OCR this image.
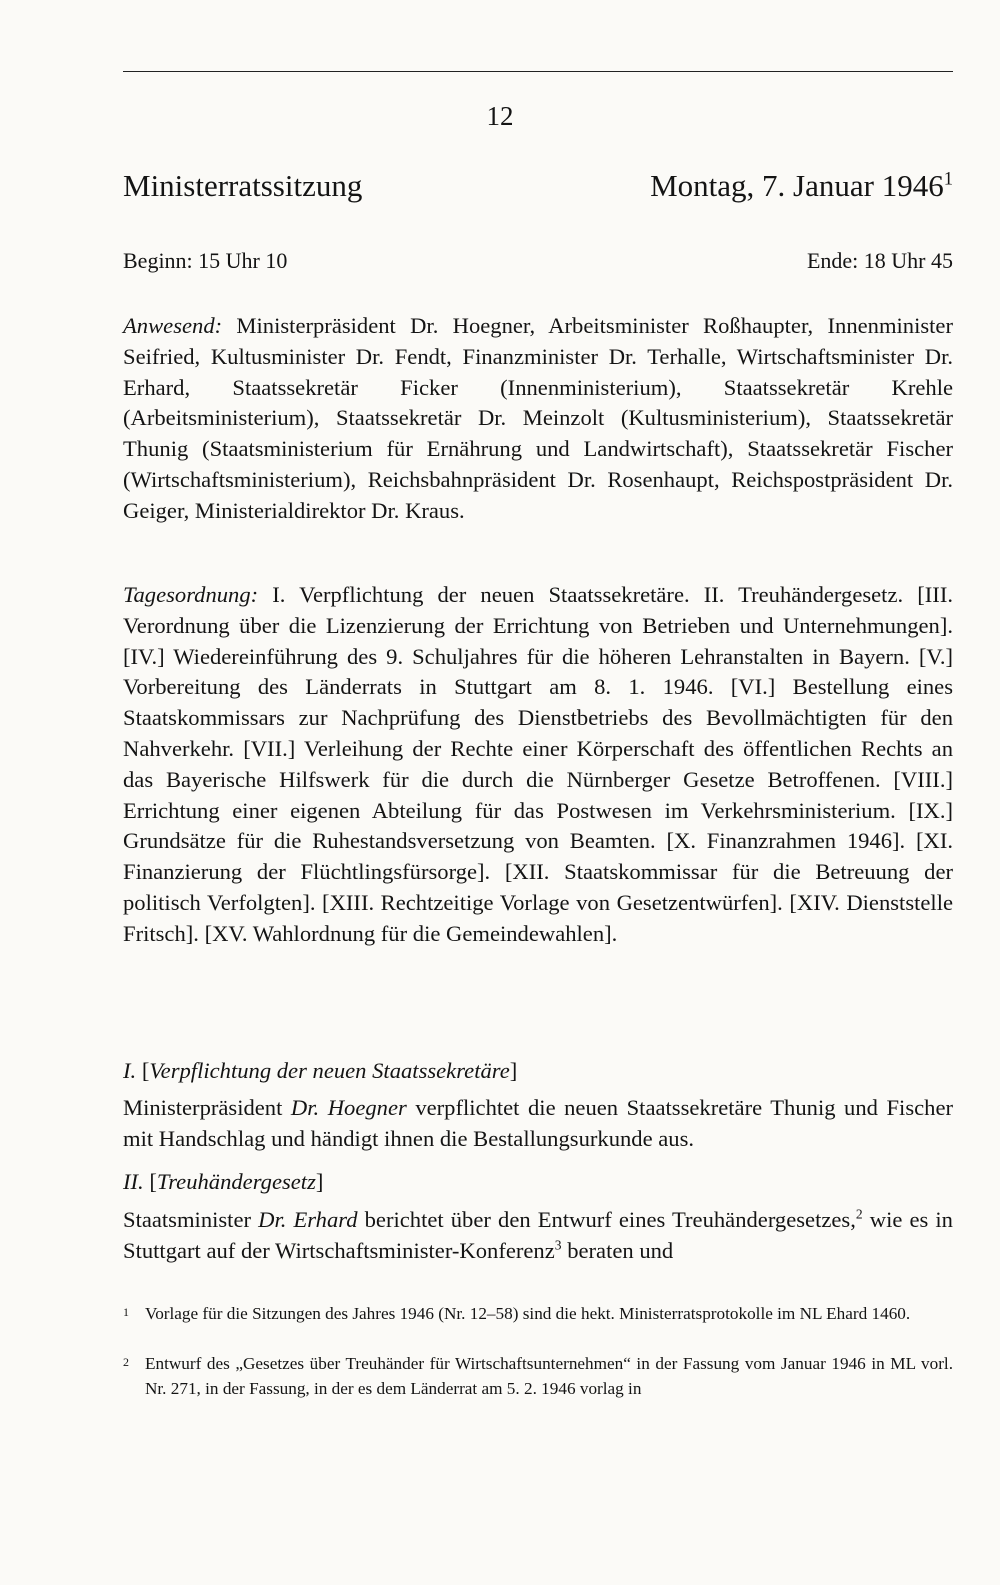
12
Ministerratssitzung	Montag, 7. Januar 1946$^1$
Beginn: 15 Uhr 10	Ende: 18 Uhr 45

Anwesend: Ministerpräsident Dr. Hoegner, Arbeitsminister Roßhaupter, Innenminister Seifried, Kultusminister Dr. Fendt, Finanzminister Dr. Terhalle, Wirtschaftsminister Dr. Erhard, Staatssekretär Ficker (Innenministerium), Staatssekretär Krehle (Arbeitsministerium), Staatssekretär Dr. Meinzolt (Kultusministerium), Staatssekretär Thunig (Staatsministerium für Ernährung und Landwirtschaft), Staatssekretär Fischer (Wirtschaftsministerium), Reichsbahnpräsident Dr. Rosenhaupt, Reichspostpräsident Dr. Geiger, Ministerialdirektor Dr. Kraus.

Tagesordnung: I. Verpflichtung der neuen Staatssekretäre. II. Treuhändergesetz. [III. Verordnung über die Lizenzierung der Errichtung von Betrieben und Unternehmungen]. [IV.] Wiedereinführung des 9. Schuljahres für die höheren Lehranstalten in Bayern. [V.] Vorbereitung des Länderrats in Stuttgart am 8. 1. 1946. [VI.] Bestellung eines Staatskommissars zur Nachprüfung des Dienstbetriebs des Bevollmächtigten für den Nahverkehr. [VII.] Verleihung der Rechte einer Körperschaft des öffentlichen Rechts an das Bayerische Hilfswerk für die durch die Nürnberger Gesetze Betroffenen. [VIII.] Errichtung einer eigenen Abteilung für das Postwesen im Verkehrsministerium. [IX.] Grundsätze für die Ruhestandsversetzung von Beamten. [X. Finanzrahmen 1946]. [XI. Finanzierung der Flüchtlingsfürsorge]. [XII. Staatskommissar für die Betreuung der politisch Verfolgten]. [XIII. Rechtzeitige Vorlage von Gesetzentwürfen]. [XIV. Dienststelle Fritsch]. [XV. Wahlordnung für die Gemeindewahlen].

I. [Verpflichtung der neuen Staatssekretäre]

Ministerpräsident Dr. Hoegner verpflichtet die neuen Staatssekretäre Thunig und Fischer mit Handschlag und händigt ihnen die Bestallungsurkunde aus.

II. [Treuhändergesetz]

Staatsminister Dr. Erhard berichtet über den Entwurf eines Treuhändergesetzes,$^2$ wie es in Stuttgart auf der Wirtschaftsminister-Konferenz$^3$ beraten und

1 Vorlage für die Sitzungen des Jahres 1946 (Nr. 12–58) sind die hekt. Ministerratsprotokolle im NL Ehard 1460.
2 Entwurf des „Gesetzes über Treuhänder für Wirtschaftsunternehmen“ in der Fassung vom Januar 1946 in ML vorl. Nr. 271, in der Fassung, in der es dem Länderrat am 5. 2. 1946 vorlag in
